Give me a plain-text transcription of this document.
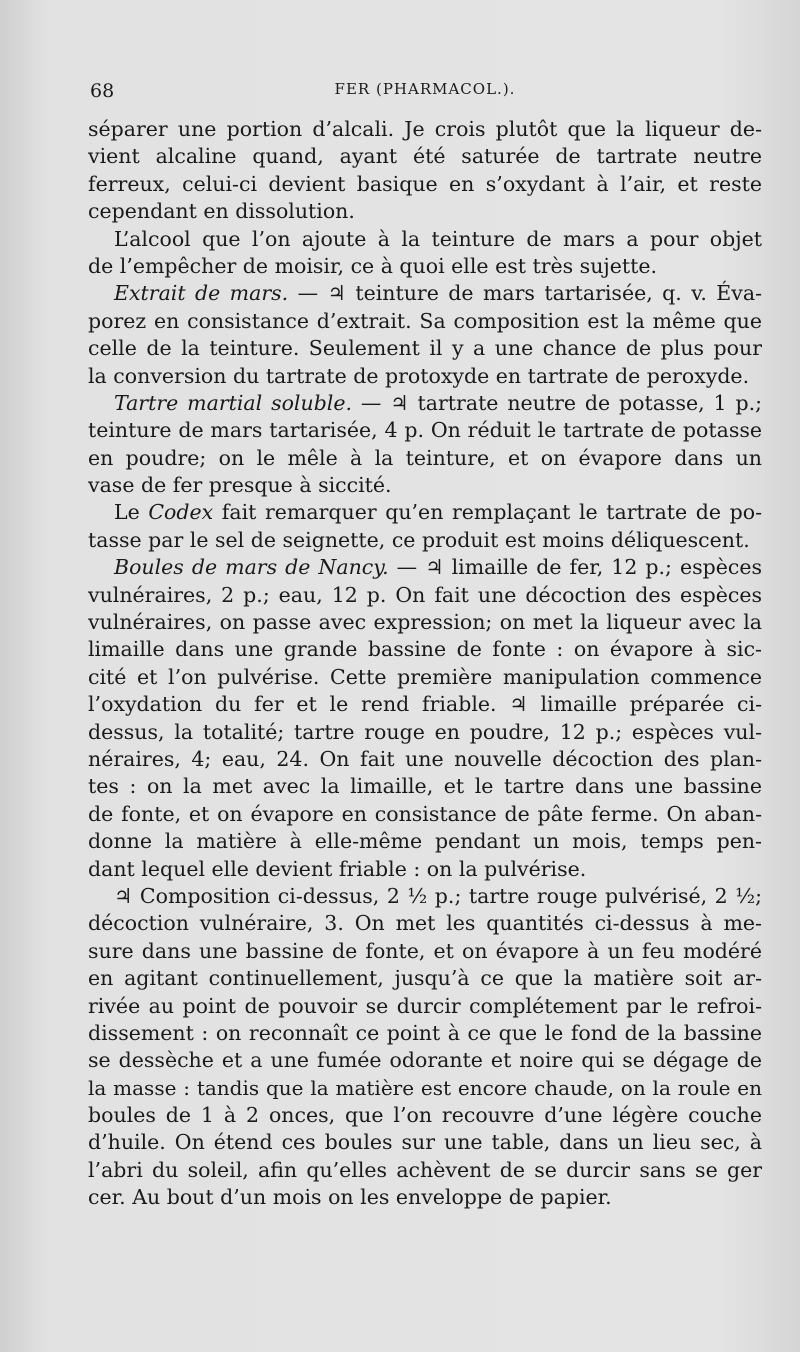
68	FER (PHARMACOL.).
séparer une portion d’alcali. Je crois plutôt que la liqueur de-
vient alcaline quand, ayant été saturée de tartrate neutre
ferreux, celui-ci devient basique en s’oxydant à l’air, et reste
cependant en dissolution.
L’alcool que l’on ajoute à la teinture de mars a pour objet
de l’empêcher de moisir, ce à quoi elle est très sujette.
Extrait de mars. — ♃ teinture de mars tartarisée, q. v. Éva-
porez en consistance d’extrait. Sa composition est la même que
celle de la teinture. Seulement il y a une chance de plus pour
la conversion du tartrate de protoxyde en tartrate de peroxyde.
Tartre martial soluble. — ♃ tartrate neutre de potasse, 1 p.;
teinture de mars tartarisée, 4 p. On réduit le tartrate de potasse
en poudre; on le mêle à la teinture, et on évapore dans un
vase de fer presque à siccité.
Le Codex fait remarquer qu’en remplaçant le tartrate de po-
tasse par le sel de seignette, ce produit est moins déliquescent.
Boules de mars de Nancy. — ♃ limaille de fer, 12 p.; espèces
vulnéraires, 2 p.; eau, 12 p. On fait une décoction des espèces
vulnéraires, on passe avec expression; on met la liqueur avec la
limaille dans une grande bassine de fonte : on évapore à sic-
cité et l’on pulvérise. Cette première manipulation commence
l’oxydation du fer et le rend friable. ♃ limaille préparée ci-
dessus, la totalité; tartre rouge en poudre, 12 p.; espèces vul-
néraires, 4; eau, 24. On fait une nouvelle décoction des plan-
tes : on la met avec la limaille, et le tartre dans une bassine
de fonte, et on évapore en consistance de pâte ferme. On aban-
donne la matière à elle-même pendant un mois, temps pen-
dant lequel elle devient friable : on la pulvérise.
♃ Composition ci-dessus, 2 ½ p.; tartre rouge pulvérisé, 2 ½;
décoction vulnéraire, 3. On met les quantités ci-dessus à me-
sure dans une bassine de fonte, et on évapore à un feu modéré
en agitant continuellement, jusqu’à ce que la matière soit ar-
rivée au point de pouvoir se durcir complétement par le refroi-
dissement : on reconnaît ce point à ce que le fond de la bassine
se dessèche et a une fumée odorante et noire qui se dégage de
la masse : tandis que la matière est encore chaude, on la roule en
boules de 1 à 2 onces, que l’on recouvre d’une légère couche
d’huile. On étend ces boules sur une table, dans un lieu sec, à
l’abri du soleil, afin qu’elles achèvent de se durcir sans se ger
cer. Au bout d’un mois on les enveloppe de papier.
